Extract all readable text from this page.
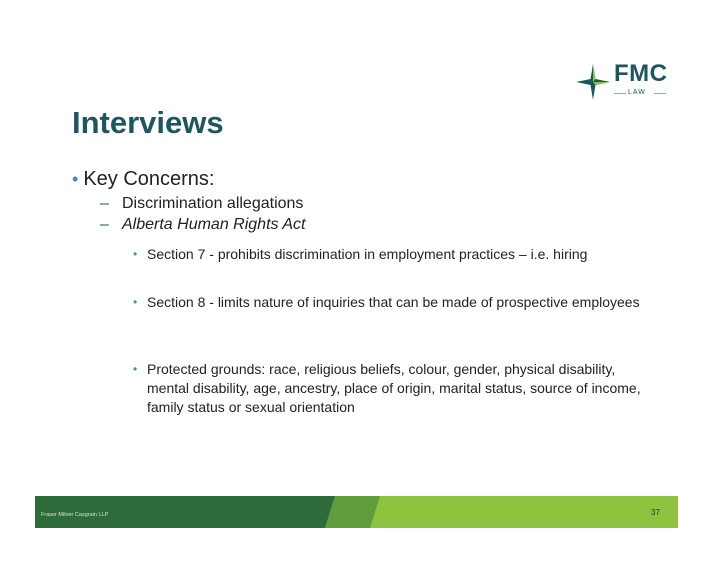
FMC
LAW
Interviews
• Key Concerns:
– Discrimination allegations
– Alberta Human Rights Act
• Section 7 - prohibits discrimination in employment practices – i.e. hiring
• Section 8 - limits nature of inquiries that can be made of prospective employees
• Protected grounds: race, religious beliefs, colour, gender, physical disability, mental disability, age, ancestry, place of origin, marital status, source of income, family status or sexual orientation
Fraser Milner Casgrain LLP	37
